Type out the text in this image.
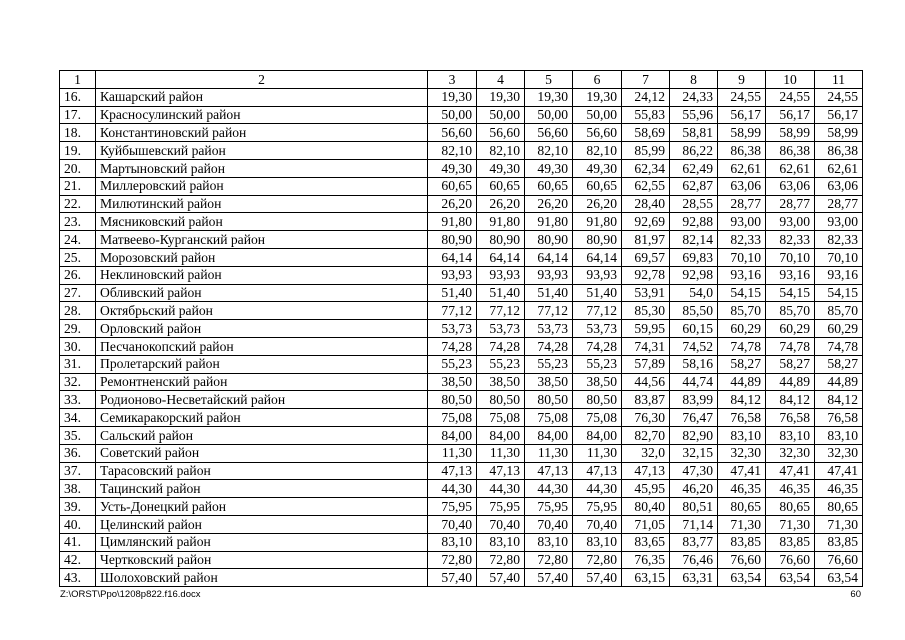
1	2	3	4	5	6	7	8	9	10	11
16.	Кашарский район	19,30	19,30	19,30	19,30	24,12	24,33	24,55	24,55	24,55
17.	Красносулинский район	50,00	50,00	50,00	50,00	55,83	55,96	56,17	56,17	56,17
18.	Константиновский район	56,60	56,60	56,60	56,60	58,69	58,81	58,99	58,99	58,99
19.	Куйбышевский район	82,10	82,10	82,10	82,10	85,99	86,22	86,38	86,38	86,38
20.	Мартыновский район	49,30	49,30	49,30	49,30	62,34	62,49	62,61	62,61	62,61
21.	Миллеровский район	60,65	60,65	60,65	60,65	62,55	62,87	63,06	63,06	63,06
22.	Милютинский район	26,20	26,20	26,20	26,20	28,40	28,55	28,77	28,77	28,77
23.	Мясниковский район	91,80	91,80	91,80	91,80	92,69	92,88	93,00	93,00	93,00
24.	Матвеево-Курганский район	80,90	80,90	80,90	80,90	81,97	82,14	82,33	82,33	82,33
25.	Морозовский район	64,14	64,14	64,14	64,14	69,57	69,83	70,10	70,10	70,10
26.	Неклиновский район	93,93	93,93	93,93	93,93	92,78	92,98	93,16	93,16	93,16
27.	Обливский район	51,40	51,40	51,40	51,40	53,91	54,0	54,15	54,15	54,15
28.	Октябрьский район	77,12	77,12	77,12	77,12	85,30	85,50	85,70	85,70	85,70
29.	Орловский район	53,73	53,73	53,73	53,73	59,95	60,15	60,29	60,29	60,29
30.	Песчанокопский район	74,28	74,28	74,28	74,28	74,31	74,52	74,78	74,78	74,78
31.	Пролетарский район	55,23	55,23	55,23	55,23	57,89	58,16	58,27	58,27	58,27
32.	Ремонтненский район	38,50	38,50	38,50	38,50	44,56	44,74	44,89	44,89	44,89
33.	Родионово-Несветайский район	80,50	80,50	80,50	80,50	83,87	83,99	84,12	84,12	84,12
34.	Семикаракорский район	75,08	75,08	75,08	75,08	76,30	76,47	76,58	76,58	76,58
35.	Сальский район	84,00	84,00	84,00	84,00	82,70	82,90	83,10	83,10	83,10
36.	Советский район	11,30	11,30	11,30	11,30	32,0	32,15	32,30	32,30	32,30
37.	Тарасовский район	47,13	47,13	47,13	47,13	47,13	47,30	47,41	47,41	47,41
38.	Тацинский район	44,30	44,30	44,30	44,30	45,95	46,20	46,35	46,35	46,35
39.	Усть-Донецкий район	75,95	75,95	75,95	75,95	80,40	80,51	80,65	80,65	80,65
40.	Целинский район	70,40	70,40	70,40	70,40	71,05	71,14	71,30	71,30	71,30
41.	Цимлянский район	83,10	83,10	83,10	83,10	83,65	83,77	83,85	83,85	83,85
42.	Чертковский район	72,80	72,80	72,80	72,80	76,35	76,46	76,60	76,60	76,60
43.	Шолоховский район	57,40	57,40	57,40	57,40	63,15	63,31	63,54	63,54	63,54
Z:\ORST\Ppo\1208p822.f16.docx	60
